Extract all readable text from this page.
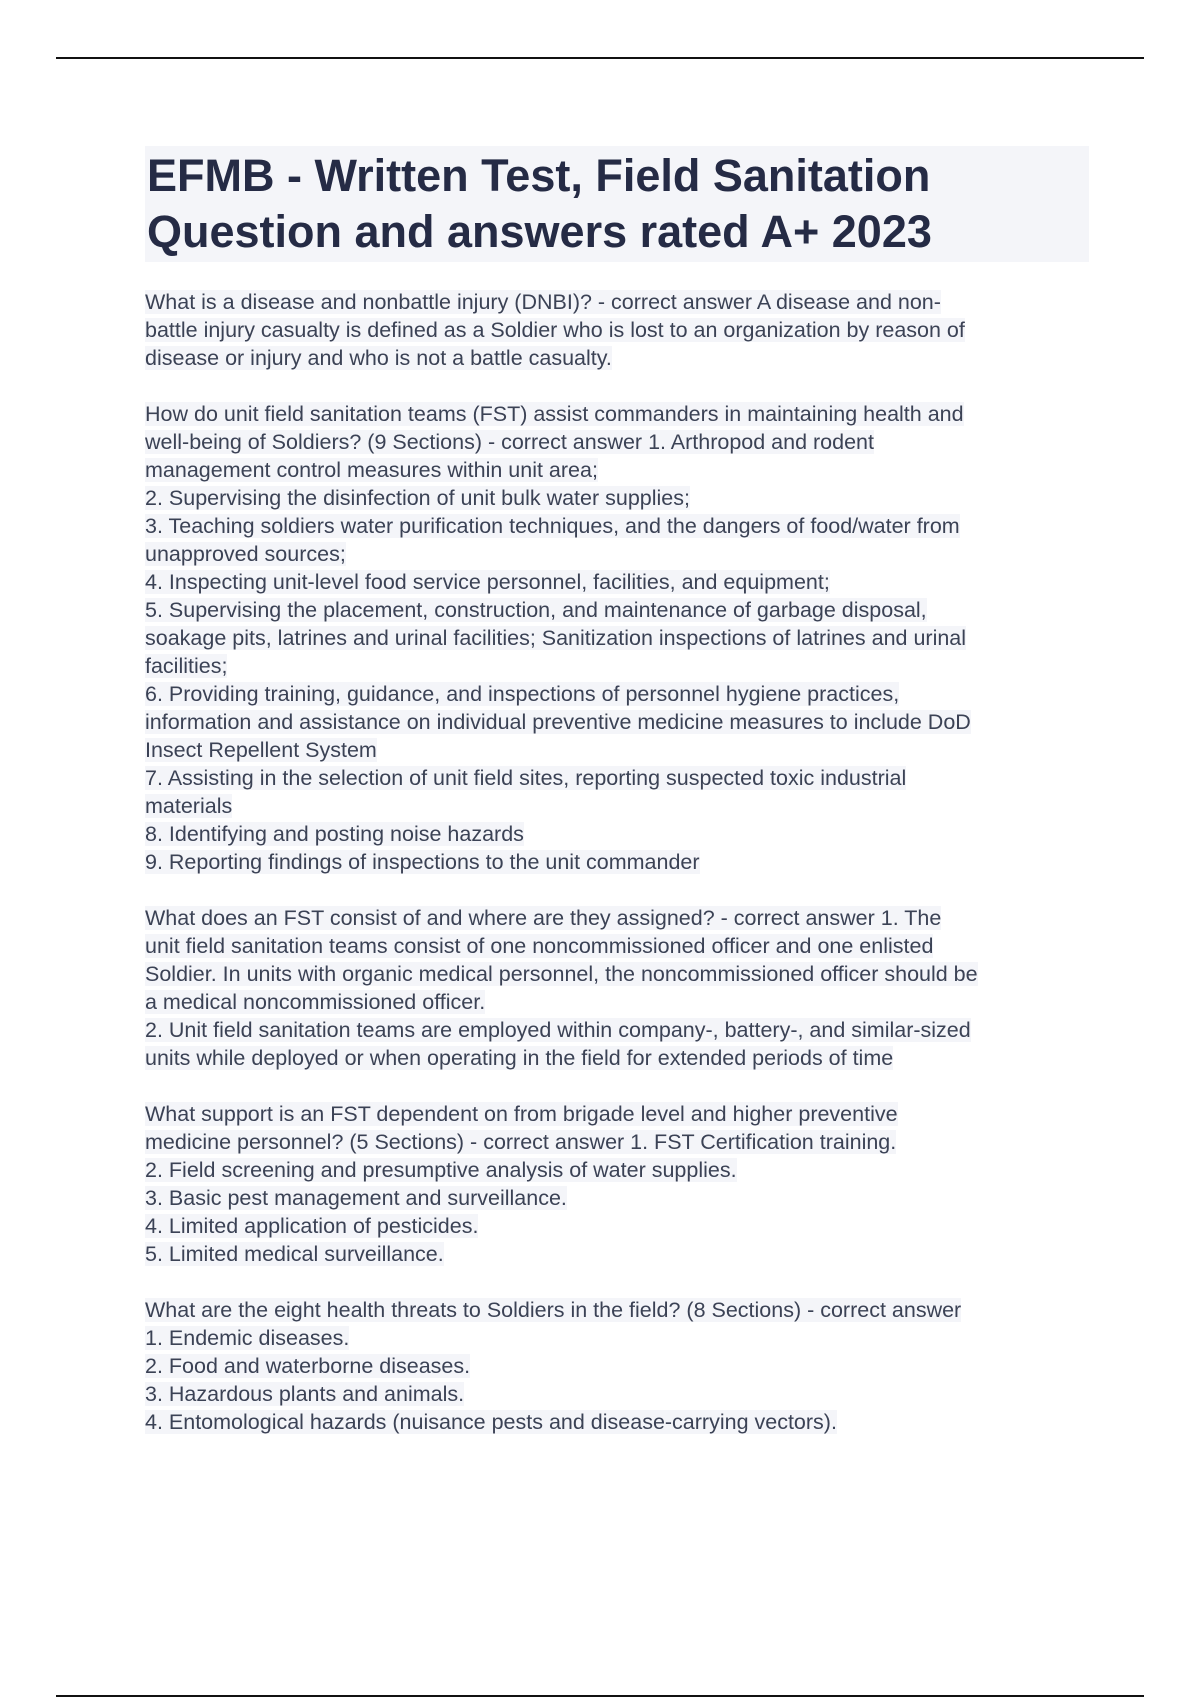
EFMB - Written Test, Field Sanitation
Question and answers rated A+ 2023
What is a disease and nonbattle injury (DNBI)? - correct answer A disease and non-
battle injury casualty is defined as a Soldier who is lost to an organization by reason of
disease or injury and who is not a battle casualty.
How do unit field sanitation teams (FST) assist commanders in maintaining health and
well-being of Soldiers? (9 Sections) - correct answer 1. Arthropod and rodent
management control measures within unit area;
2. Supervising the disinfection of unit bulk water supplies;
3. Teaching soldiers water purification techniques, and the dangers of food/water from
unapproved sources;
4. Inspecting unit-level food service personnel, facilities, and equipment;
5. Supervising the placement, construction, and maintenance of garbage disposal,
soakage pits, latrines and urinal facilities; Sanitization inspections of latrines and urinal
facilities;
6. Providing training, guidance, and inspections of personnel hygiene practices,
information and assistance on individual preventive medicine measures to include DoD
Insect Repellent System
7. Assisting in the selection of unit field sites, reporting suspected toxic industrial
materials
8. Identifying and posting noise hazards
9. Reporting findings of inspections to the unit commander
What does an FST consist of and where are they assigned? - correct answer 1. The
unit field sanitation teams consist of one noncommissioned officer and one enlisted
Soldier. In units with organic medical personnel, the noncommissioned officer should be
a medical noncommissioned officer.
2. Unit field sanitation teams are employed within company-, battery-, and similar-sized
units while deployed or when operating in the field for extended periods of time
What support is an FST dependent on from brigade level and higher preventive
medicine personnel? (5 Sections) - correct answer 1. FST Certification training.
2. Field screening and presumptive analysis of water supplies.
3. Basic pest management and surveillance.
4. Limited application of pesticides.
5. Limited medical surveillance.
What are the eight health threats to Soldiers in the field? (8 Sections) - correct answer
1. Endemic diseases.
2. Food and waterborne diseases.
3. Hazardous plants and animals.
4. Entomological hazards (nuisance pests and disease-carrying vectors).
